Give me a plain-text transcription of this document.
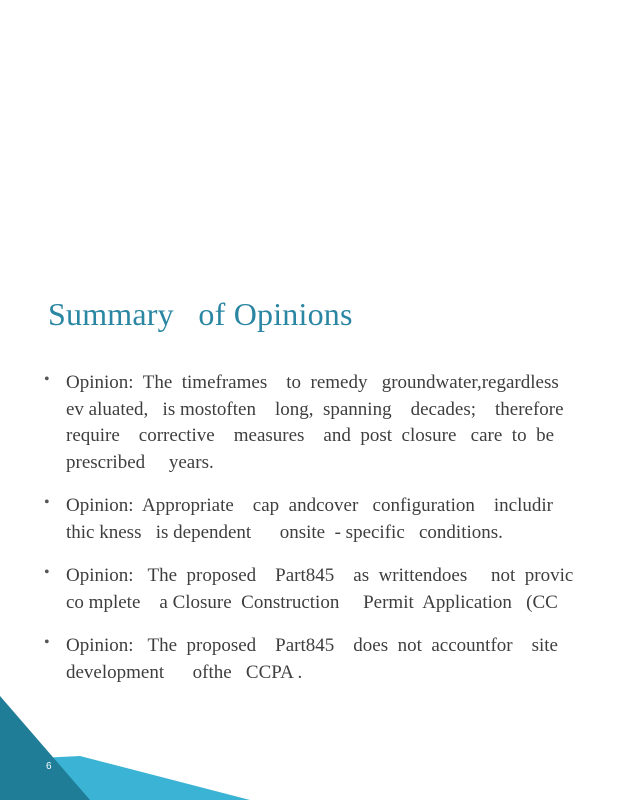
Summary   of Opinions
• Opinion:  The  timeframes    to  remedy   groundwater,regardless
ev aluated,   is mostoften    long,  spanning    decades;    therefore
require    corrective    measures    and  post  closure   care  to  be
prescribed     years.
• Opinion:  Appropriate    cap  andcover   configuration    includir
thic kness   is dependent      onsite  - specific   conditions.
• Opinion:   The  proposed    Part845    as  writtendoes     not  provic
co mplete    a Closure  Construction     Permit  Application   (CC
• Opinion:   The  proposed    Part845    does  not  accountfor    site
development      ofthe   CCPA .
6
